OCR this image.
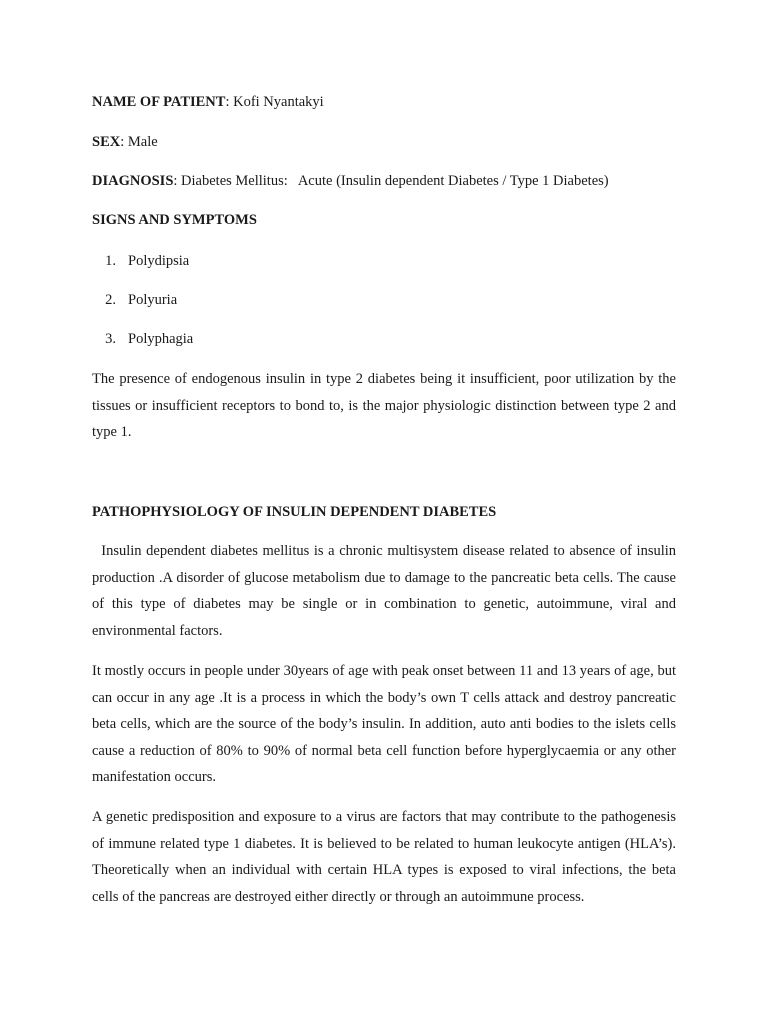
NAME OF PATIENT: Kofi Nyantakyi

SEX: Male

DIAGNOSIS: Diabetes Mellitus:   Acute (Insulin dependent Diabetes / Type 1 Diabetes)

SIGNS AND SYMPTOMS
1. Polydipsia
2. Polyuria
3. Polyphagia

The presence of endogenous insulin in type 2 diabetes being it insufficient, poor utilization by the tissues or insufficient receptors to bond to, is the major physiologic distinction between type 2 and type 1.

PATHOPHYSIOLOGY OF INSULIN DEPENDENT DIABETES

Insulin dependent diabetes mellitus is a chronic multisystem disease related to absence of insulin production .A disorder of glucose metabolism due to damage to the pancreatic beta cells. The cause of this type of diabetes may be single or in combination to genetic, autoimmune, viral and environmental factors.

It mostly occurs in people under 30years of age with peak onset between 11 and 13 years of age, but can occur in any age .It is a process in which the body’s own T cells attack and destroy pancreatic beta cells, which are the source of the body’s insulin. In addition, auto anti bodies to the islets cells cause a reduction of 80% to 90% of normal beta cell function before hyperglycaemia or any other manifestation occurs.

A genetic predisposition and exposure to a virus are factors that may contribute to the pathogenesis of immune related type 1 diabetes. It is believed to be related to human leukocyte antigen (HLA’s). Theoretically when an individual with certain HLA types is exposed to viral infections, the beta cells of the pancreas are destroyed either directly or through an autoimmune process.
